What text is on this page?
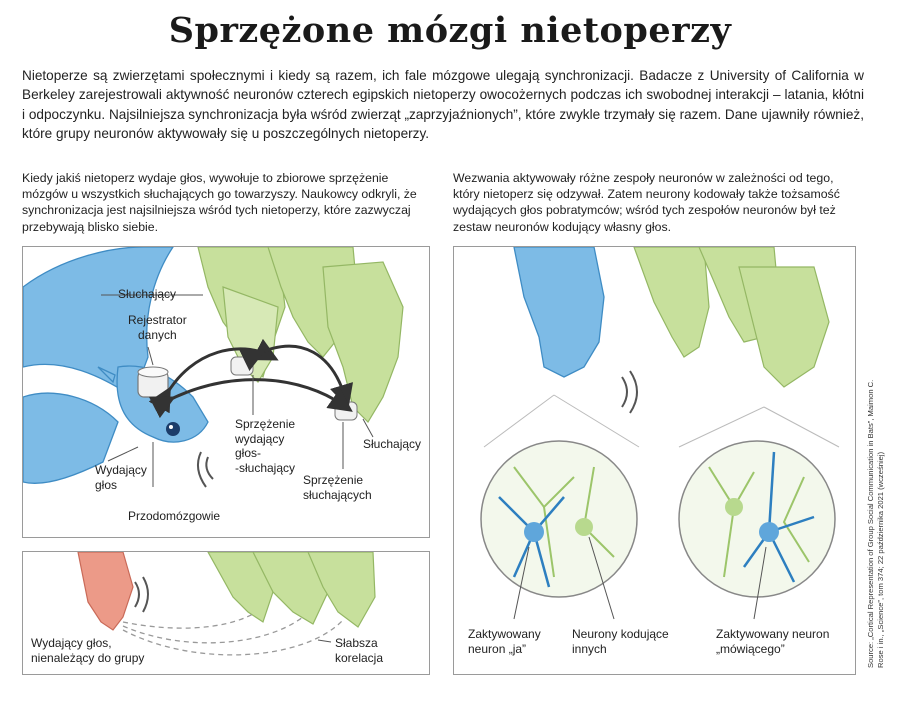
Sprzężone mózgi nietoperzy
Nietoperze są zwierzętami społecznymi i kiedy są razem, ich fale mózgowe ulegają synchronizacji. Badacze z University of California w Berkeley zarejestrowali aktywność neuronów czterech egipskich nietoperzy owocożernych podczas ich swobodnej interakcji – latania, kłótni i odpoczynku. Najsilniejsza synchronizacja była wśród zwierząt „zaprzyjaźnionych”, które zwykle trzymały się razem. Dane ujawniły również, które grupy neuronów aktywowały się u poszczególnych nietoperzy.
Kiedy jakiś nietoperz wydaje głos, wywołuje to zbiorowe sprzężenie mózgów u wszystkich słuchających go towarzyszy. Naukowcy odkryli, że synchronizacja jest najsilniejsza wśród tych nietoperzy, które zazwyczaj przebywają blisko siebie.
Wezwania aktywowały różne zespoły neuronów w zależności od tego, który nietoperz się odzywał. Zatem neurony kodowały także tożsamość wydających głos pobratymców; wśród tych zespołów neuronów był też zestaw neuronów kodujący własny głos.
Słuchający
Rejestrator
danych
Wydający
głos
Przodomózgowie
Sprzężenie
wydający
głos-
-słuchający
Sprzężenie
słuchających
Słuchający
Wydający głos,
nienależący do grupy
Słabsza
korelacja
Zaktywowany
neuron „ja”
Neurony kodujące
innych
Zaktywowany neuron
„mówiącego”	Source: „Cortical Representation of Group Social Communication in Bats”, Maimon C. Rose i in., „Science”, tom 374; 22 października 2021 (wcześniej)
